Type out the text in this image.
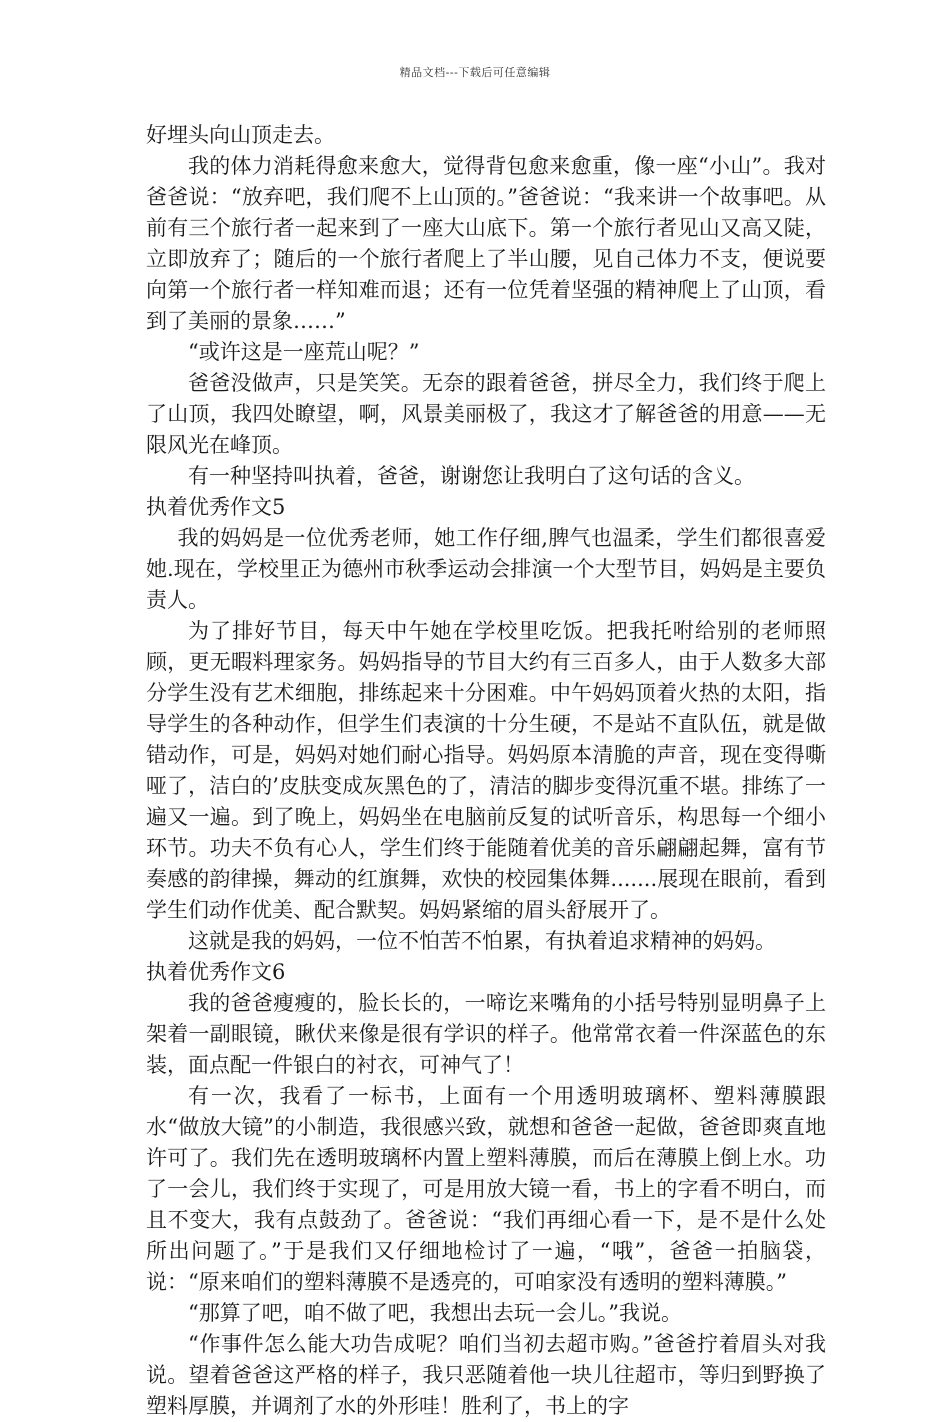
精品文档---下载后可任意编辑

好埋头向山顶走去。

我的体力消耗得愈来愈大，觉得背包愈来愈重，像一座“小山”。我对爸爸说：“放弃吧，我们爬不上山顶的。”爸爸说：“我来讲一个故事吧。从前有三个旅行者一起来到了一座大山底下。第一个旅行者见山又高又陡，立即放弃了；随后的一个旅行者爬上了半山腰，见自己体力不支，便说要向第一个旅行者一样知难而退；还有一位凭着坚强的精神爬上了山顶，看到了美丽的景象……”

“或许这是一座荒山呢？”

爸爸没做声，只是笑笑。无奈的跟着爸爸，拼尽全力，我们终于爬上了山顶，我四处瞭望，啊，风景美丽极了，我这才了解爸爸的用意——无限风光在峰顶。

有一种坚持叫执着，爸爸，谢谢您让我明白了这句话的含义。

执着优秀作文5

我的妈妈是一位优秀老师，她工作仔细,脾气也温柔，学生们都很喜爱她.现在，学校里正为德州市秋季运动会排演一个大型节目，妈妈是主要负责人。

为了排好节目，每天中午她在学校里吃饭。把我托咐给别的老师照顾，更无暇料理家务。妈妈指导的节目大约有三百多人，由于人数多大部分学生没有艺术细胞，排练起来十分困难。中午妈妈顶着火热的太阳，指导学生的各种动作，但学生们表演的十分生硬，不是站不直队伍，就是做错动作，可是，妈妈对她们耐心指导。妈妈原本清脆的声音，现在变得嘶哑了，洁白的’皮肤变成灰黑色的了，清洁的脚步变得沉重不堪。排练了一遍又一遍。到了晚上，妈妈坐在电脑前反复的试听音乐，构思每一个细小环节。功夫不负有心人，学生们终于能随着优美的音乐翩翩起舞，富有节奏感的韵律操，舞动的红旗舞，欢快的校园集体舞.......展现在眼前，看到学生们动作优美、配合默契。妈妈紧缩的眉头舒展开了。

这就是我的妈妈，一位不怕苦不怕累，有执着追求精神的妈妈。

执着优秀作文6

我的爸爸瘦瘦的，脸长长的，一啼讫来嘴角的小括号特别显明鼻子上架着一副眼镜，瞅伏来像是很有学识的样子。他常常衣着一件深蓝色的东装，面点配一件银白的衬衣，可神气了！

有一次，我看了一标书，上面有一个用透明玻璃杯、塑料薄膜跟水“做放大镜”的小制造，我很感兴致，就想和爸爸一起做，爸爸即爽直地许可了。我们先在透明玻璃杯内置上塑料薄膜，而后在薄膜上倒上水。功了一会儿，我们终于实现了，可是用放大镜一看，书上的字看不明白，而且不变大，我有点鼓劲了。爸爸说：“我们再细心看一下，是不是什么处所出问题了。”于是我们又仔细地检讨了一遍，“哦”，爸爸一拍脑袋，说：“原来咱们的塑料薄膜不是透亮的，可咱家没有透明的塑料薄膜。”

“那算了吧，咱不做了吧，我想出去玩一会儿。”我说。

“作事件怎么能大功告成呢？咱们当初去超市购。”爸爸拧着眉头对我说。望着爸爸这严格的样子，我只恶随着他一块儿往超市，等归到野换了塑料厚膜，并调剂了水的外形哇！胜利了，书上的字
